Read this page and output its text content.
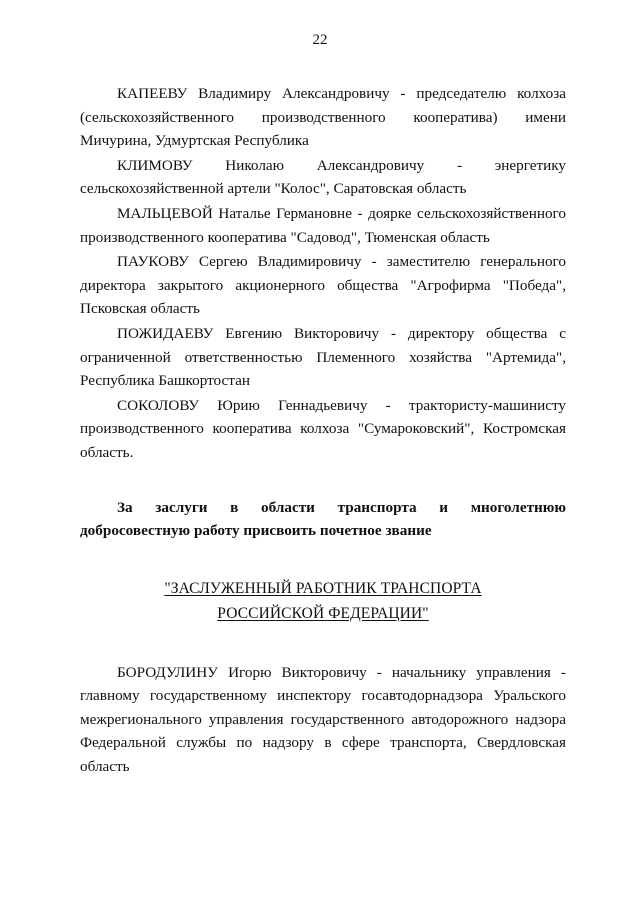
22

КАПЕЕВУ Владимиру Александровичу - председателю колхоза (сельскохозяйственного производственного кооператива) имени Мичурина, Удмуртская Республика

КЛИМОВУ Николаю Александровичу - энергетику сельскохозяйственной артели "Колос", Саратовская область

МАЛЬЦЕВОЙ Наталье Германовне - доярке сельскохозяйственного производственного кооператива "Садовод", Тюменская область

ПАУКОВУ Сергею Владимировичу - заместителю генерального директора закрытого акционерного общества "Агрофирма "Победа", Псковская область

ПОЖИДАЕВУ Евгению Викторовичу - директору общества с ограниченной ответственностью Племенного хозяйства "Артемида", Республика Башкортостан

СОКОЛОВУ Юрию Геннадьевичу - трактористу-машинисту производственного кооператива колхоза "Сумароковский", Костромская область.

За заслуги в области транспорта и многолетнюю добросовестную работу присвоить почетное звание

"ЗАСЛУЖЕННЫЙ РАБОТНИК ТРАНСПОРТА
РОССИЙСКОЙ ФЕДЕРАЦИИ"

БОРОДУЛИНУ Игорю Викторовичу - начальнику управления - главному государственному инспектору госавтодорнадзора Уральского межрегионального управления государственного автодорожного надзора Федеральной службы по надзору в сфере транспорта, Свердловская область
